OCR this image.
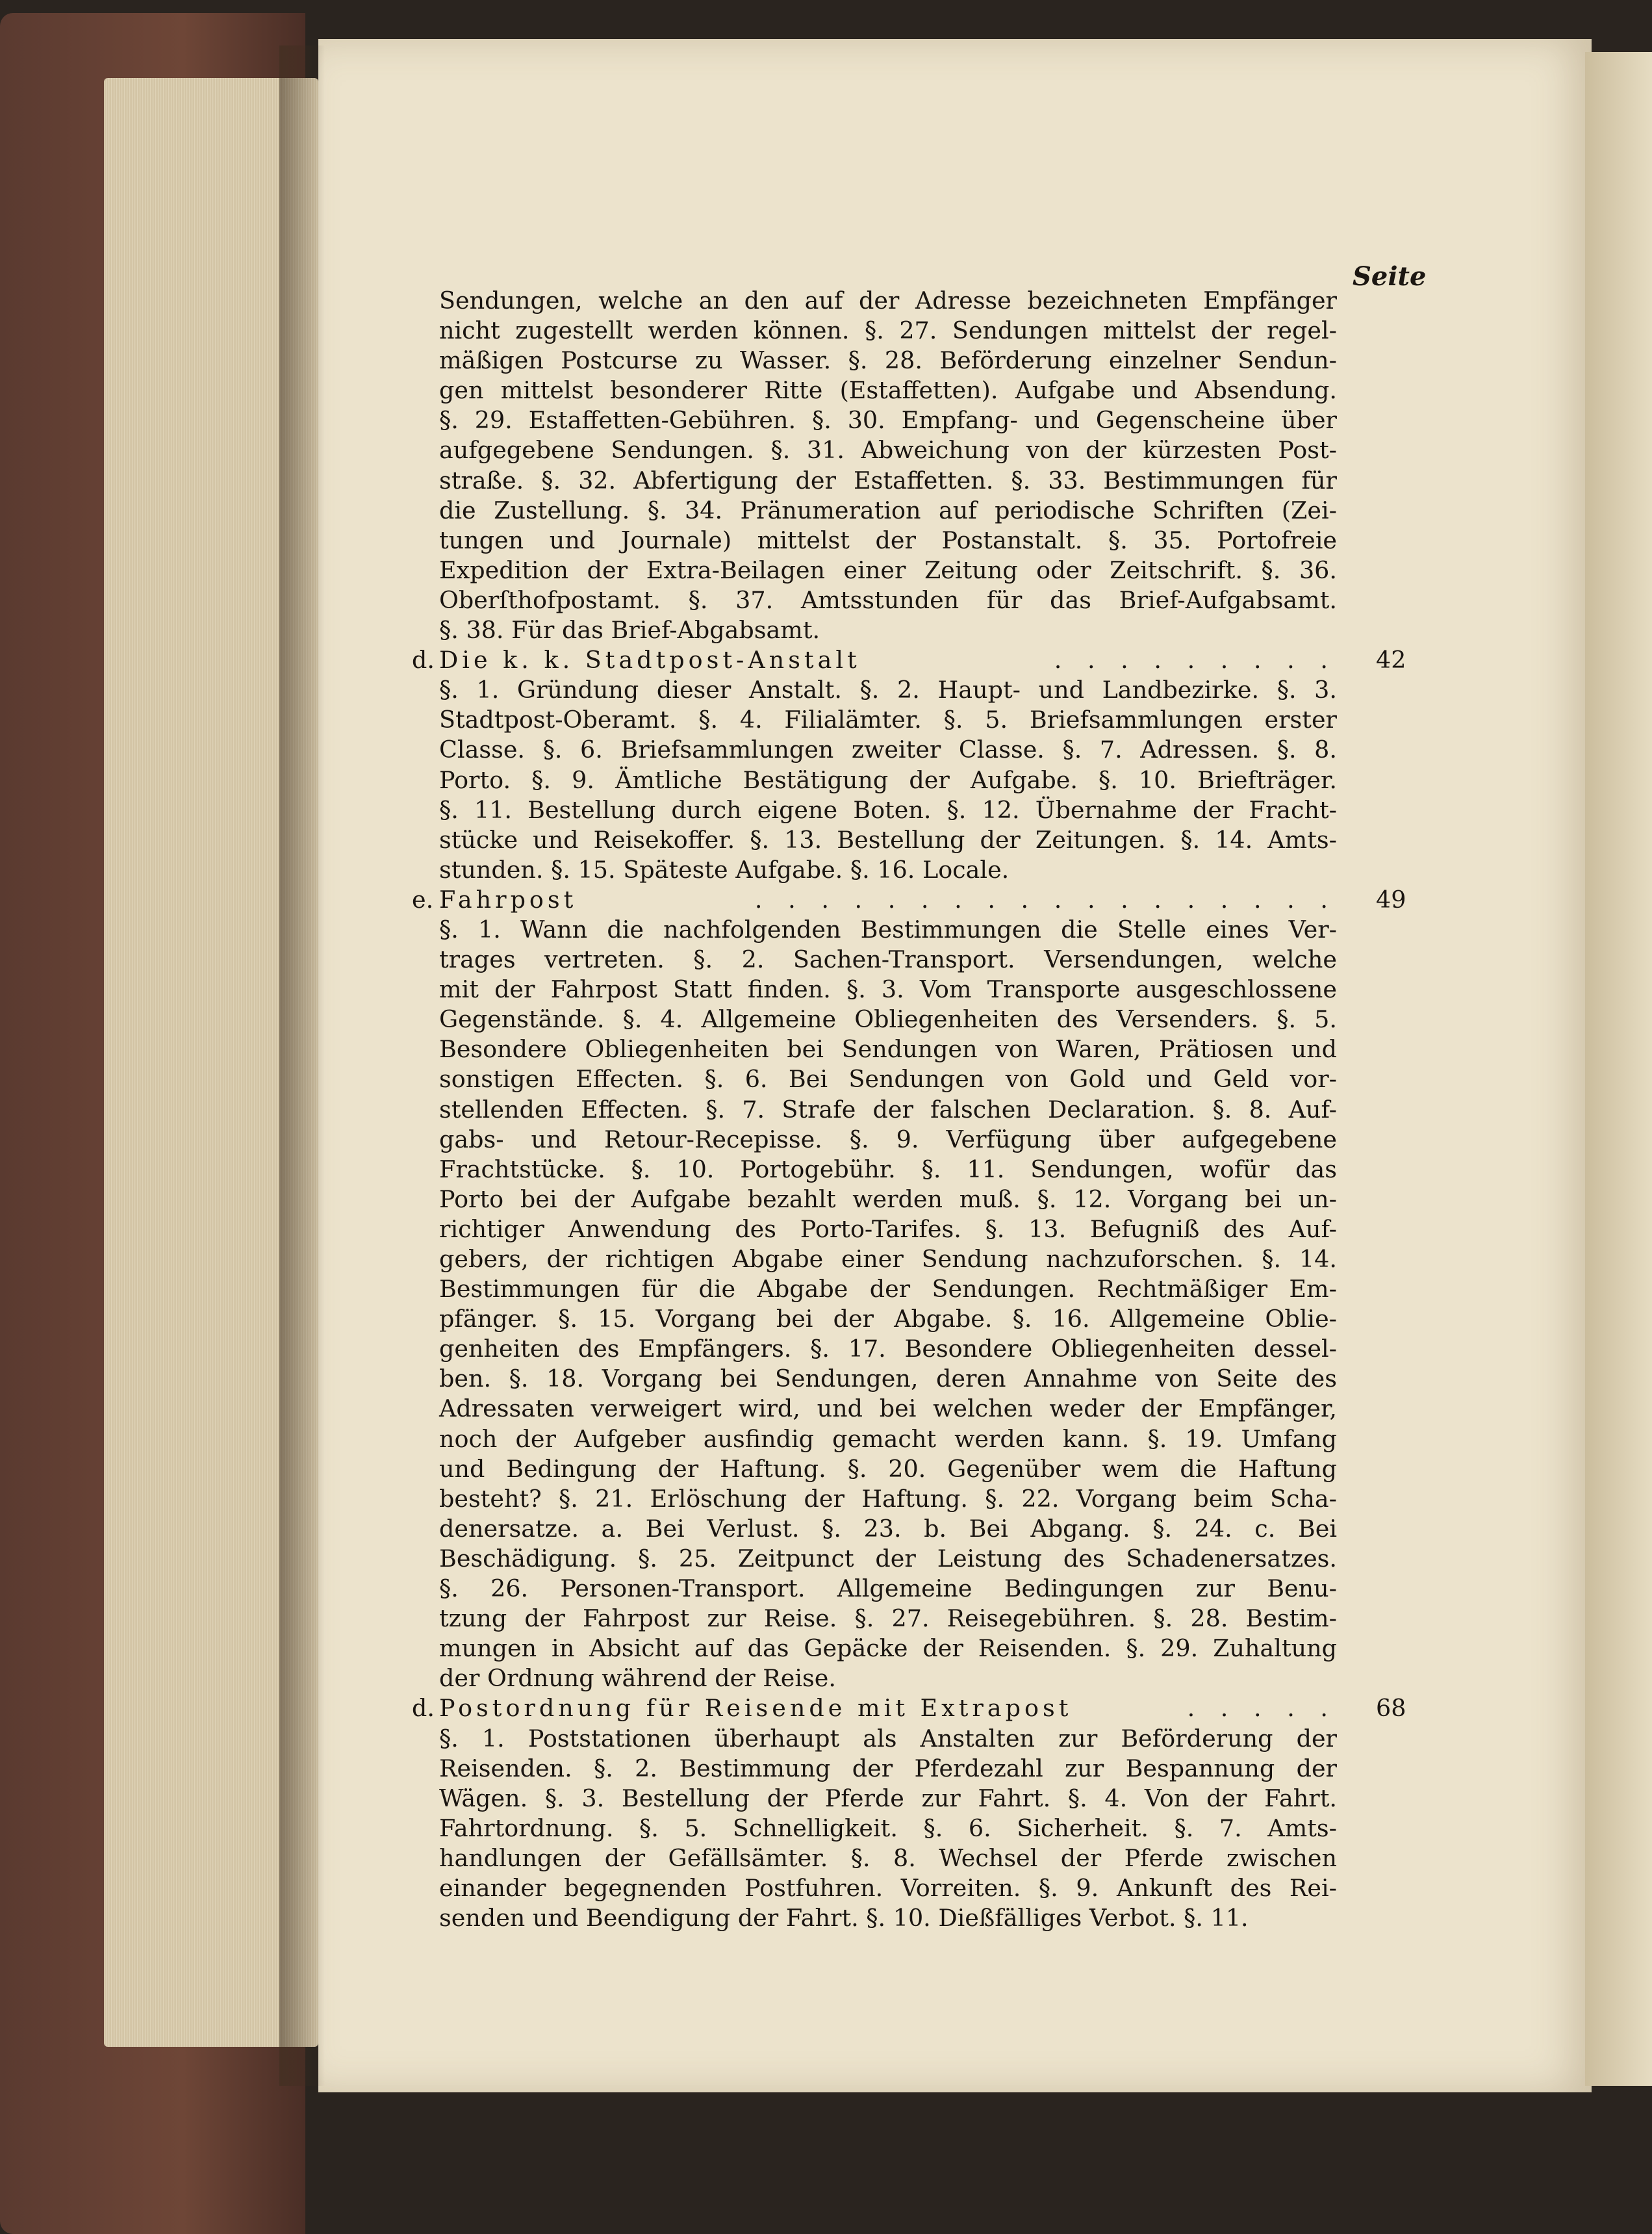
Seite
Sendungen, welche an den auf der Adresse bezeichneten Empfänger
nicht zugestellt werden können. §. 27. Sendungen mittelst der regel-
mäßigen Postcurse zu Wasser. §. 28. Beförderung einzelner Sendun-
gen mittelst besonderer Ritte (Estaffetten). Aufgabe und Absendung.
§. 29. Estaffetten-Gebühren. §. 30. Empfang- und Gegenscheine über
aufgegebene Sendungen. §. 31. Abweichung von der kürzesten Post-
straße. §. 32. Abfertigung der Estaffetten. §. 33. Bestimmungen für
die Zustellung. §. 34. Pränumeration auf periodische Schriften (Zei-
tungen und Journale) mittelst der Postanstalt. §. 35. Portofreie
Expedition der Extra-Beilagen einer Zeitung oder Zeitschrift. §. 36.
Oberſthofpostamt. §. 37. Amtsstunden für das Brief-Aufgabsamt.
§. 38. Für das Brief-Abgabsamt.
d. Die k. k. Stadtpost-Anstalt	. . . . . . . . . 42
§. 1. Gründung dieser Anstalt. §. 2. Haupt- und Landbezirke. §. 3.
Stadtpost-Oberamt. §. 4. Filialämter. §. 5. Briefsammlungen erster
Classe. §. 6. Briefsammlungen zweiter Classe. §. 7. Adressen. §. 8.
Porto. §. 9. Ämtliche Bestätigung der Aufgabe. §. 10. Briefträger.
§. 11. Bestellung durch eigene Boten. §. 12. Übernahme der Fracht-
stücke und Reisekoffer. §. 13. Bestellung der Zeitungen. §. 14. Amts-
stunden. §. 15. Späteste Aufgabe. §. 16. Locale.
e. Fahrpost	. . . . . . . . . . . . . . . . . . 49
§. 1. Wann die nachfolgenden Bestimmungen die Stelle eines Ver-
trages vertreten. §. 2. Sachen-Transport. Versendungen, welche
mit der Fahrpost Statt finden. §. 3. Vom Transporte ausgeschlossene
Gegenstände. §. 4. Allgemeine Obliegenheiten des Versenders. §. 5.
Besondere Obliegenheiten bei Sendungen von Waren, Prätiosen und
sonstigen Effecten. §. 6. Bei Sendungen von Gold und Geld vor-
stellenden Effecten. §. 7. Strafe der falschen Declaration. §. 8. Auf-
gabs- und Retour-Recepisse. §. 9. Verfügung über aufgegebene
Frachtstücke. §. 10. Portogebühr. §. 11. Sendungen, wofür das
Porto bei der Aufgabe bezahlt werden muß. §. 12. Vorgang bei un-
richtiger Anwendung des Porto-Tarifes. §. 13. Befugniß des Auf-
gebers, der richtigen Abgabe einer Sendung nachzuforschen. §. 14.
Bestimmungen für die Abgabe der Sendungen. Rechtmäßiger Em-
pfänger. §. 15. Vorgang bei der Abgabe. §. 16. Allgemeine Oblie-
genheiten des Empfängers. §. 17. Besondere Obliegenheiten dessel-
ben. §. 18. Vorgang bei Sendungen, deren Annahme von Seite des
Adressaten verweigert wird, und bei welchen weder der Empfänger,
noch der Aufgeber ausfindig gemacht werden kann. §. 19. Umfang
und Bedingung der Haftung. §. 20. Gegenüber wem die Haftung
besteht? §. 21. Erlöschung der Haftung. §. 22. Vorgang beim Scha-
denersatze. a. Bei Verlust. §. 23. b. Bei Abgang. §. 24. c. Bei
Beschädigung. §. 25. Zeitpunct der Leistung des Schadenersatzes.
§. 26. Personen-Transport. Allgemeine Bedingungen zur Benu-
tzung der Fahrpost zur Reise. §. 27. Reisegebühren. §. 28. Bestim-
mungen in Absicht auf das Gepäcke der Reisenden. §. 29. Zuhaltung
der Ordnung während der Reise.
d. Postordnung für Reisende mit Extrapost	. . . . . 68
§. 1. Poststationen überhaupt als Anstalten zur Beförderung der
Reisenden. §. 2. Bestimmung der Pferdezahl zur Bespannung der
Wägen. §. 3. Bestellung der Pferde zur Fahrt. §. 4. Von der Fahrt.
Fahrtordnung. §. 5. Schnelligkeit. §. 6. Sicherheit. §. 7. Amts-
handlungen der Gefällsämter. §. 8. Wechsel der Pferde zwischen
einander begegnenden Postfuhren. Vorreiten. §. 9. Ankunft des Rei-
senden und Beendigung der Fahrt. §. 10. Dießfälliges Verbot. §. 11.
